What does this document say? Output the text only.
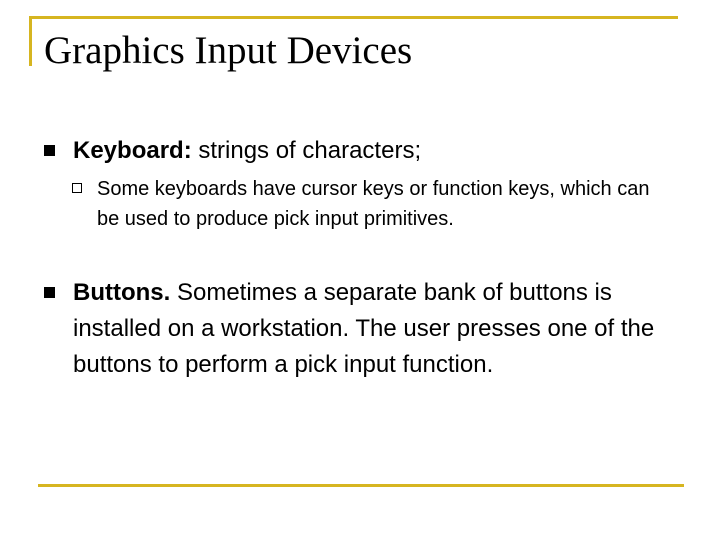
Graphics Input Devices
Keyboard: strings of characters;
Some keyboards have cursor keys or function keys, which can be used to produce pick input primitives.
Buttons. Sometimes a separate bank of buttons is installed on a workstation. The user presses one of the buttons to perform a pick input function.
